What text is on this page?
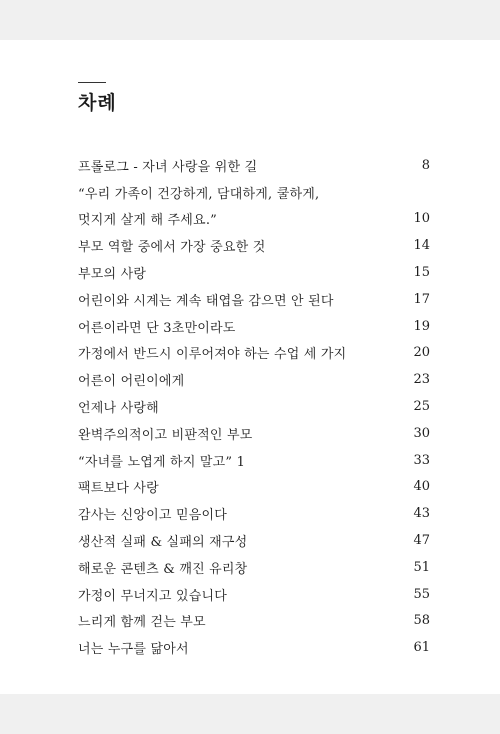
차례
프롤로그 - 자녀 사랑을 위한 길	8
“우리 가족이 건강하게, 담대하게, 쿨하게,
멋지게 살게 해 주세요.”	10
부모 역할 중에서 가장 중요한 것	14
부모의 사랑	15
어린이와 시계는 계속 태엽을 감으면 안 된다	17
어른이라면 단 3초만이라도	19
가정에서 반드시 이루어져야 하는 수업 세 가지	20
어른이 어린이에게	23
언제나 사랑해	25
완벽주의적이고 비판적인 부모	30
“자녀를 노엽게 하지 말고” 1	33
팩트보다 사랑	40
감사는 신앙이고 믿음이다	43
생산적 실패 & 실패의 재구성	47
해로운 콘텐츠 & 깨진 유리창	51
가정이 무너지고 있습니다	55
느리게 함께 걷는 부모	58
너는 누구를 닮아서	61
